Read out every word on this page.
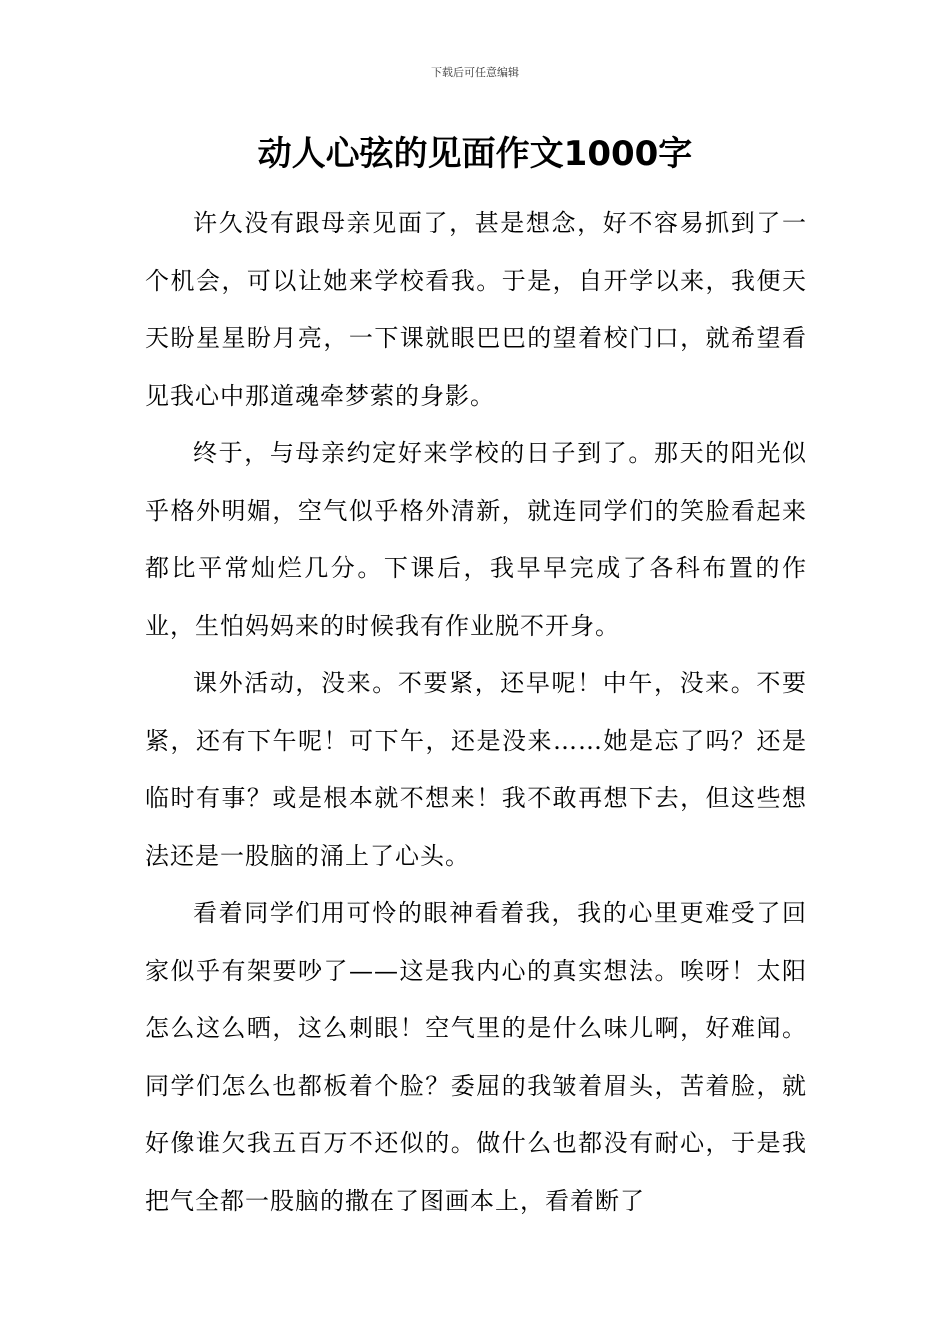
下载后可任意编辑
动人心弦的见面作文1000字

许久没有跟母亲见面了，甚是想念，好不容易抓到了一个机会，可以让她来学校看我。于是，自开学以来，我便天天盼星星盼月亮，一下课就眼巴巴的望着校门口，就希望看见我心中那道魂牵梦萦的身影。

终于，与母亲约定好来学校的日子到了。那天的阳光似乎格外明媚，空气似乎格外清新，就连同学们的笑脸看起来都比平常灿烂几分。下课后，我早早完成了各科布置的作业，生怕妈妈来的时候我有作业脱不开身。

课外活动，没来。不要紧，还早呢！中午，没来。不要紧，还有下午呢！可下午，还是没来……她是忘了吗？还是临时有事？或是根本就不想来！我不敢再想下去，但这些想法还是一股脑的涌上了心头。

看着同学们用可怜的眼神看着我，我的心里更难受了回家似乎有架要吵了——这是我内心的真实想法。唉呀！太阳怎么这么晒，这么刺眼！空气里的是什么味儿啊，好难闻。同学们怎么也都板着个脸？委屈的我皱着眉头，苦着脸，就好像谁欠我五百万不还似的。做什么也都没有耐心，于是我把气全都一股脑的撒在了图画本上，看着断了
